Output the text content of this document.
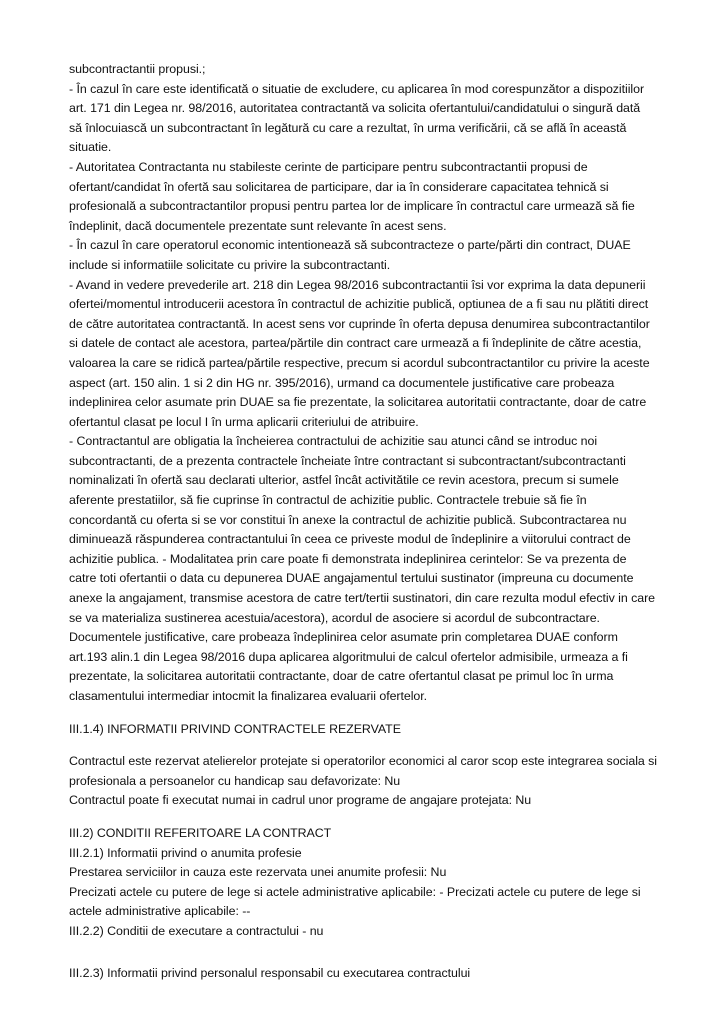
subcontractantii propusi.;
- În cazul în care este identificată o situatie de excludere, cu aplicarea în mod corespunzător a dispozitiilor
art. 171 din Legea nr. 98/2016, autoritatea contractantă va solicita ofertantului/candidatului o singură dată
să înlocuiască un subcontractant în legătură cu care a rezultat, în urma verificării, că se află în această
situatie.
- Autoritatea Contractanta nu stabileste cerinte de participare pentru subcontractantii propusi de
ofertant/candidat în ofertă sau solicitarea de participare, dar ia în considerare capacitatea tehnică si
profesională a subcontractantilor propusi pentru partea lor de implicare în contractul care urmează să fie
îndeplinit, dacă documentele prezentate sunt relevante în acest sens.
- În cazul în care operatorul economic intentionează să subcontracteze o parte/părti din contract, DUAE
include si informatiile solicitate cu privire la subcontractanti.
- Avand in vedere prevederile art. 218 din Legea 98/2016 subcontractantii îsi vor exprima la data depunerii
ofertei/momentul introducerii acestora în contractul de achizitie publică, optiunea de a fi sau nu plătiti direct
de către autoritatea contractantă. In acest sens vor cuprinde în oferta depusa denumirea subcontractantilor
si datele de contact ale acestora, partea/părtile din contract care urmează a fi îndeplinite de către acestia,
valoarea la care se ridică partea/părtile respective, precum si acordul subcontractantilor cu privire la aceste
aspect (art. 150 alin. 1 si 2 din HG nr. 395/2016), urmand ca documentele justificative care probeaza
indeplinirea celor asumate prin DUAE sa fie prezentate, la solicitarea autoritatii contractante, doar de catre
ofertantul clasat pe locul I în urma aplicarii criteriului de atribuire.
- Contractantul are obligatia la încheierea contractului de achizitie sau atunci când se introduc noi
subcontractanti, de a prezenta contractele încheiate între contractant si subcontractant/subcontractanti
nominalizati în ofertă sau declarati ulterior, astfel încât activitătile ce revin acestora, precum si sumele
aferente prestatiilor, să fie cuprinse în contractul de achizitie public. Contractele trebuie să fie în
concordantă cu oferta si se vor constitui în anexe la contractul de achizitie publică. Subcontractarea nu
diminuează răspunderea contractantului în ceea ce priveste modul de îndeplinire a viitorului contract de
achizitie publica. - Modalitatea prin care poate fi demonstrata indeplinirea cerintelor: Se va prezenta de
catre toti ofertantii o data cu depunerea DUAE angajamentul tertului sustinator (impreuna cu documente
anexe la angajament, transmise acestora de catre tert/tertii sustinatori, din care rezulta modul efectiv in care
se va materializa sustinerea acestuia/acestora), acordul de asociere si acordul de subcontractare.
Documentele justificative, care probeaza îndeplinirea celor asumate prin completarea DUAE conform
art.193 alin.1 din Legea 98/2016 dupa aplicarea algoritmului de calcul ofertelor admisibile, urmeaza a fi
prezentate, la solicitarea autoritatii contractante, doar de catre ofertantul clasat pe primul loc în urma
clasamentului intermediar intocmit la finalizarea evaluarii ofertelor.
III.1.4) INFORMATII PRIVIND CONTRACTELE REZERVATE
Contractul este rezervat atelierelor protejate si operatorilor economici al caror scop este integrarea sociala si
profesionala a persoanelor cu handicap sau defavorizate: Nu
Contractul poate fi executat numai in cadrul unor programe de angajare protejata: Nu
III.2) CONDITII REFERITOARE LA CONTRACT
III.2.1) Informatii privind o anumita profesie
Prestarea serviciilor in cauza este rezervata unei anumite profesii: Nu
Precizati actele cu putere de lege si actele administrative aplicabile: - Precizati actele cu putere de lege si
actele administrative aplicabile: --
III.2.2) Conditii de executare a contractului - nu
III.2.3) Informatii privind personalul responsabil cu executarea contractului
